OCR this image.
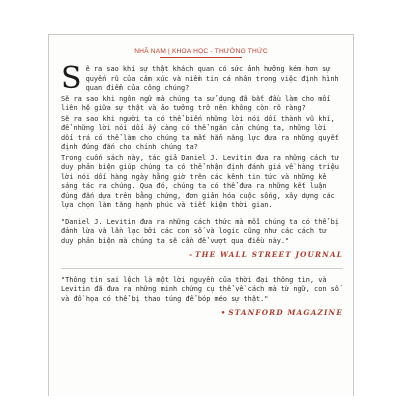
NHÃ NAM | KHOA HỌC - THƯỜNG THỨC

Sẽ ra sao khi sự thật khách quan có sức ảnh hưởng kém hơn sự quyến rũ của cảm xúc và niềm tin cá nhân trong việc định hình quan điểm của công chúng?

Sẽ ra sao khi ngôn ngữ mà chúng ta sử dụng đã bắt đầu làm cho mối liên hệ giữa sự thật và ảo tưởng trở nên không còn rõ ràng?

Sẽ ra sao khi người ta có thể biến những lời nói dối thành vũ khí, để những lời nói dối ấy càng có thể ngăn cản chúng ta, những lời dối trá có thể làm cho chúng ta mất hẳn năng lực đưa ra những quyết định đúng đắn cho chính chúng ta?

Trong cuốn sách này, tác giả Daniel J. Levitin đưa ra những cách tư duy phản biện giúp chúng ta có thể nhận định đánh giá về hàng triệu lời nói dối hàng ngày hằng giờ trên các kênh tin tức và những kẻ sáng tác ra chúng. Qua đó, chúng ta có thể đưa ra những kết luận đúng đắn dựa trên bằng chứng, đơn giản hóa cuộc sống, xây dựng các lựa chọn làm tăng hạnh phúc và tiết kiệm thời gian.

"Daniel J. Levitin đưa ra những cách thức mà mỗi chúng ta có thể bị đánh lừa và lần lạc bởi các con số và logic cũng như các cách tư duy phản biện mà chúng ta sẽ cần để vượt qua điều này."

- THE WALL STREET JOURNAL

"Thông tin sai lệch là một lời nguyền của thời đại thông tin, và Levitin đã đưa ra những minh chứng cụ thể về cách mà từ ngữ, con số và đồ họa có thể bị thao túng để bóp méo sự thật."

• STANFORD MAGAZINE
